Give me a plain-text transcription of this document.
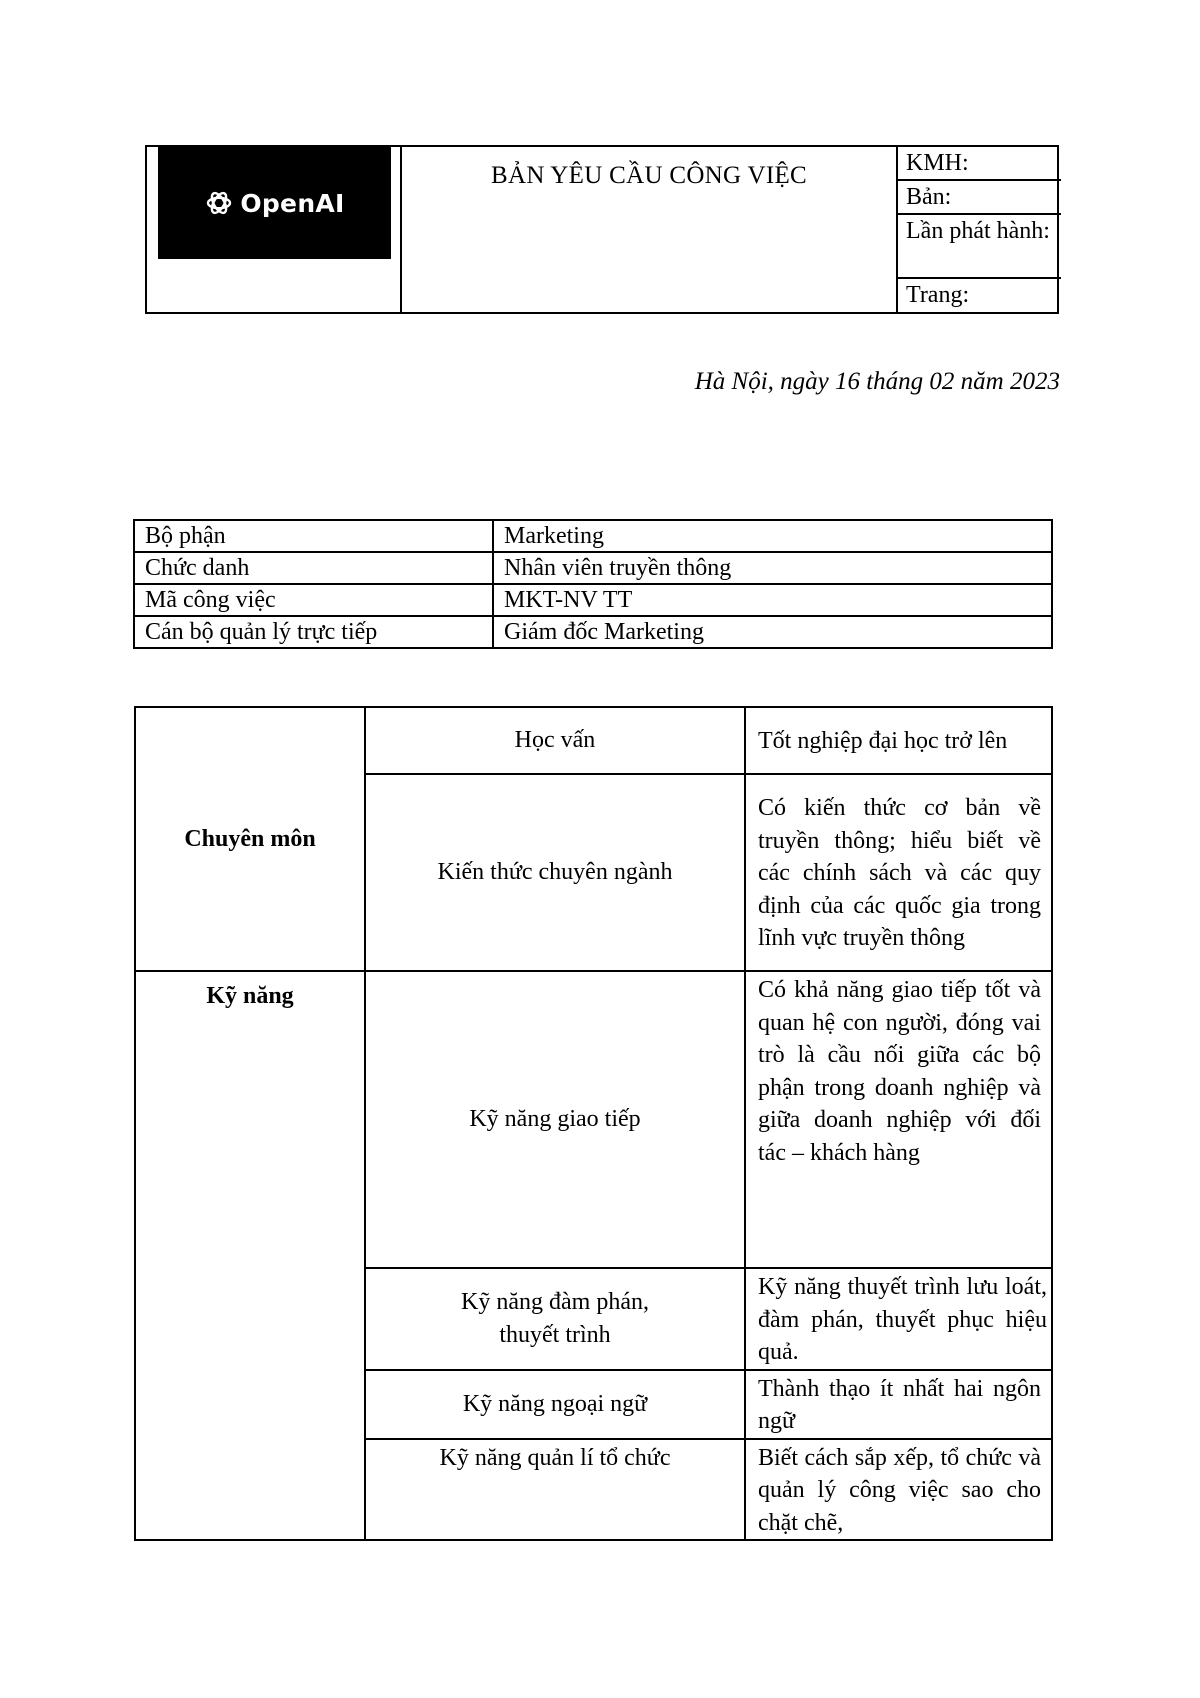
OpenAI
BẢN YÊU CẦU CÔNG VIỆC	KMH:
Bản:
Lần phát hành:
Trang:
Hà Nội, ngày 16 tháng 02 năm 2023
Bộ phận	Marketing
Chức danh	Nhân viên truyền thông
Mã công việc	MKT-NV TT
Cán bộ quản lý trực tiếp	Giám đốc Marketing
Chuyên môn	Học vấn	Tốt nghiệp đại học trở lên
	Kiến thức chuyên ngành	Có kiến thức cơ bản về truyền thông; hiểu biết về các chính sách và các quy định của các quốc gia trong lĩnh vực truyền thông
Kỹ năng	Kỹ năng giao tiếp	Có khả năng giao tiếp tốt và quan hệ con người, đóng vai trò là cầu nối giữa các bộ phận trong doanh nghiệp và giữa doanh nghiệp với đối tác – khách hàng
	Kỹ năng đàm phán, thuyết trình	Kỹ năng thuyết trình lưu loát, đàm phán, thuyết phục hiệu quả.
	Kỹ năng ngoại ngữ	Thành thạo ít nhất hai ngôn ngữ
	Kỹ năng quản lí tổ chức	Biết cách sắp xếp, tổ chức và quản lý công việc sao cho chặt chẽ,
